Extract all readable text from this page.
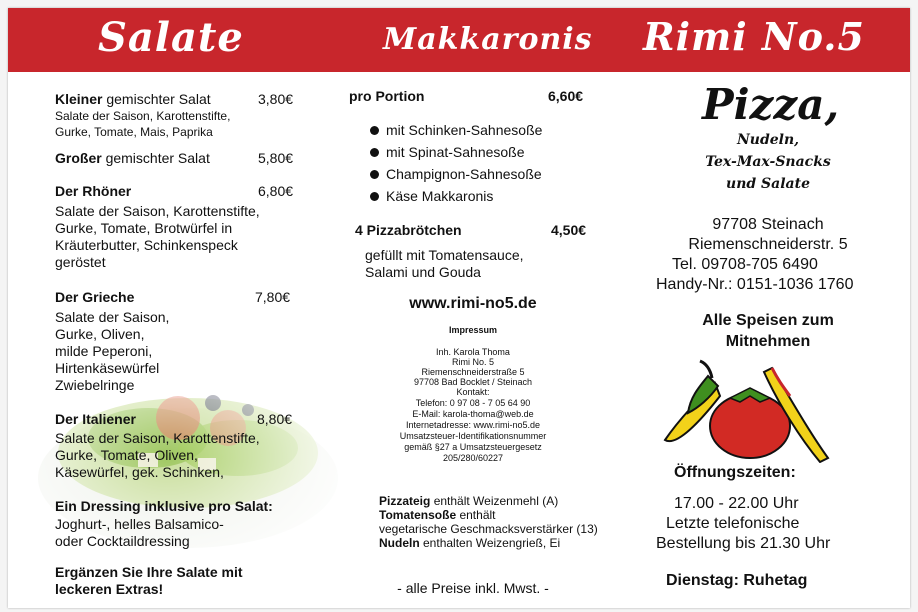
Salate	Makkaronis Rimi No.5
Kleiner gemischter Salat	3,80€
Salate der Saison, Karottenstifte,
Gurke, Tomate, Mais, Paprika
Großer gemischter Salat	5,80€
Der Rhöner	6,80€
Salate der Saison, Karottenstifte,
Gurke, Tomate, Brotwürfel in
Kräuterbutter, Schinkenspeck
geröstet
Der Grieche	7,80€
Salate der Saison,
Gurke, Oliven,
milde Peperoni,
Hirtenkäsewürfel
Zwiebelringe
Der Italiener	8,80€
Salate der Saison, Karottenstifte,
Gurke, Tomate, Oliven,
Käsewürfel, gek. Schinken,
Ein Dressing inklusive pro Salat:
Joghurt-, helles Balsamico-
oder Cocktaildressing
Ergänzen Sie Ihre Salate mit
leckeren Extras!
pro Portion	6,60€
mit Schinken-Sahnesoße
mit Spinat-Sahnesoße
Champignon-Sahnesoße
Käse Makkaronis
4 Pizzabrötchen	4,50€
gefüllt mit Tomatensauce,
Salami und Gouda
www.rimi-no5.de
Impressum
Inh. Karola Thoma
Rimi No. 5
Riemenschneiderstraße 5
97708 Bad Bocklet / Steinach
Kontakt:
Telefon: 0 97 08 - 7 05 64 90
E-Mail: karola-thoma@web.de
Internetadresse: www.rimi-no5.de
Umsatzsteuer-Identifikationsnummer
gemäß §27 a Umsatzsteuergesetz
205/280/60227
Pizzateig enthält Weizenmehl (A)
Tomatensoße enthält
vegetarische Geschmacksverstärker (13)
Nudeln enthalten Weizengrieß, Ei
- alle Preise inkl. Mwst. -
Pizza,
Nudeln,
Tex-Max-Snacks
und Salate
97708 Steinach
Riemenschneiderstr. 5
Tel. 09708-705 6490
Handy-Nr.: 0151-1036 1760
Alle Speisen zum
Mitnehmen
Öffnungszeiten:
17.00 - 22.00 Uhr
Letzte telefonische
Bestellung bis 21.30 Uhr
Dienstag: Ruhetag
